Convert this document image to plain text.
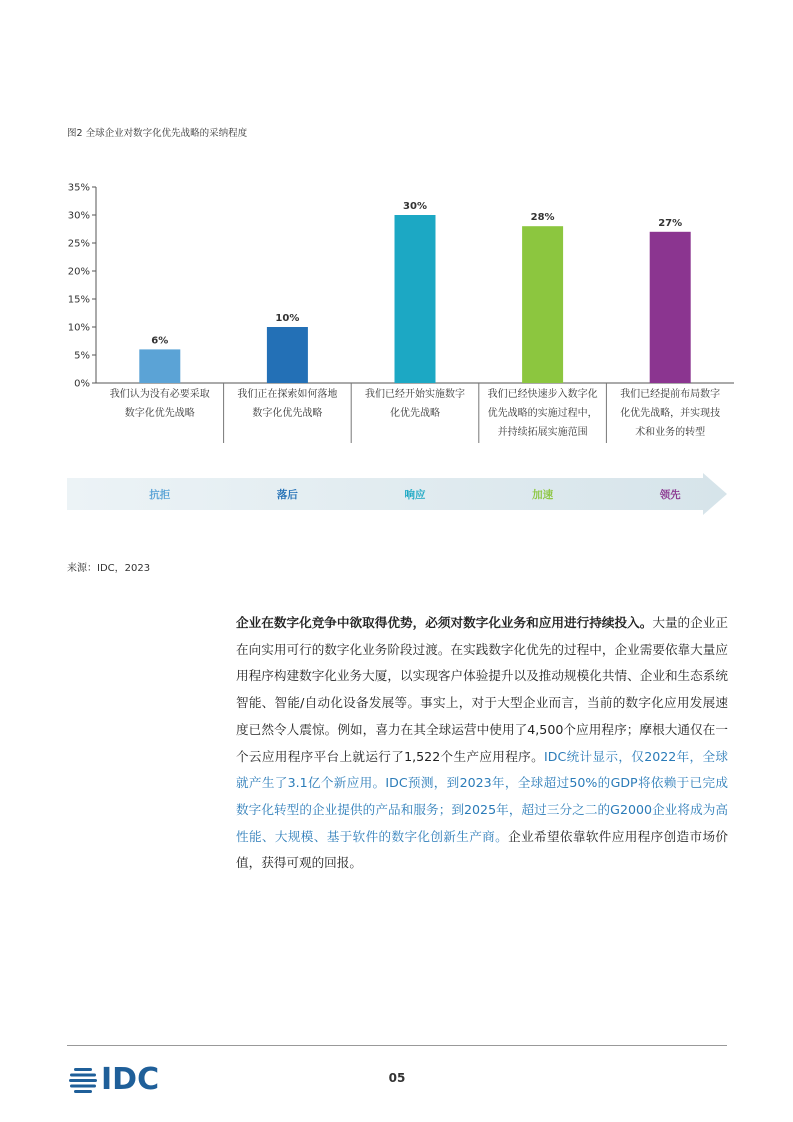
图2 全球企业对数字化优先战略的采纳程度
0%
5%
10%
15%
20%
25%
30%
35%
6%
我们认为没有必要采取
数字化优先战略
10%
我们正在探索如何落地
数字化优先战略
30%
我们已经开始实施数字
化优先战略
28%
我们已经快速步入数字化
优先战略的实施过程中，
并持续拓展实施范围
27%
我们已经提前布局数字
化优先战略，并实现技
术和业务的转型
抗拒	落后	响应	加速	领先
来源：IDC，2023
企业在数字化竞争中欲取得优势，必须对数字化业务和应用进行持续投入。大量的企业正在向实用可行的数字化业务阶段过渡。在实践数字化优先的过程中，企业需要依靠大量应用程序构建数字化业务大厦，以实现客户体验提升以及推动规模化共情、企业和生态系统智能、智能/自动化设备发展等。事实上，对于大型企业而言，当前的数字化应用发展速度已然令人震惊。例如，喜力在其全球运营中使用了4,500个应用程序；摩根大通仅在一个云应用程序平台上就运行了1,522个生产应用程序。IDC统计显示，仅2022年，全球就产生了3.1亿个新应用。IDC预测，到2023年，全球超过50%的GDP将依赖于已完成数字化转型的企业提供的产品和服务；到2025年，超过三分之二的G2000企业将成为高性能、大规模、基于软件的数字化创新生产商。企业希望依靠软件应用程序创造市场价值，获得可观的回报。
IDC	05
